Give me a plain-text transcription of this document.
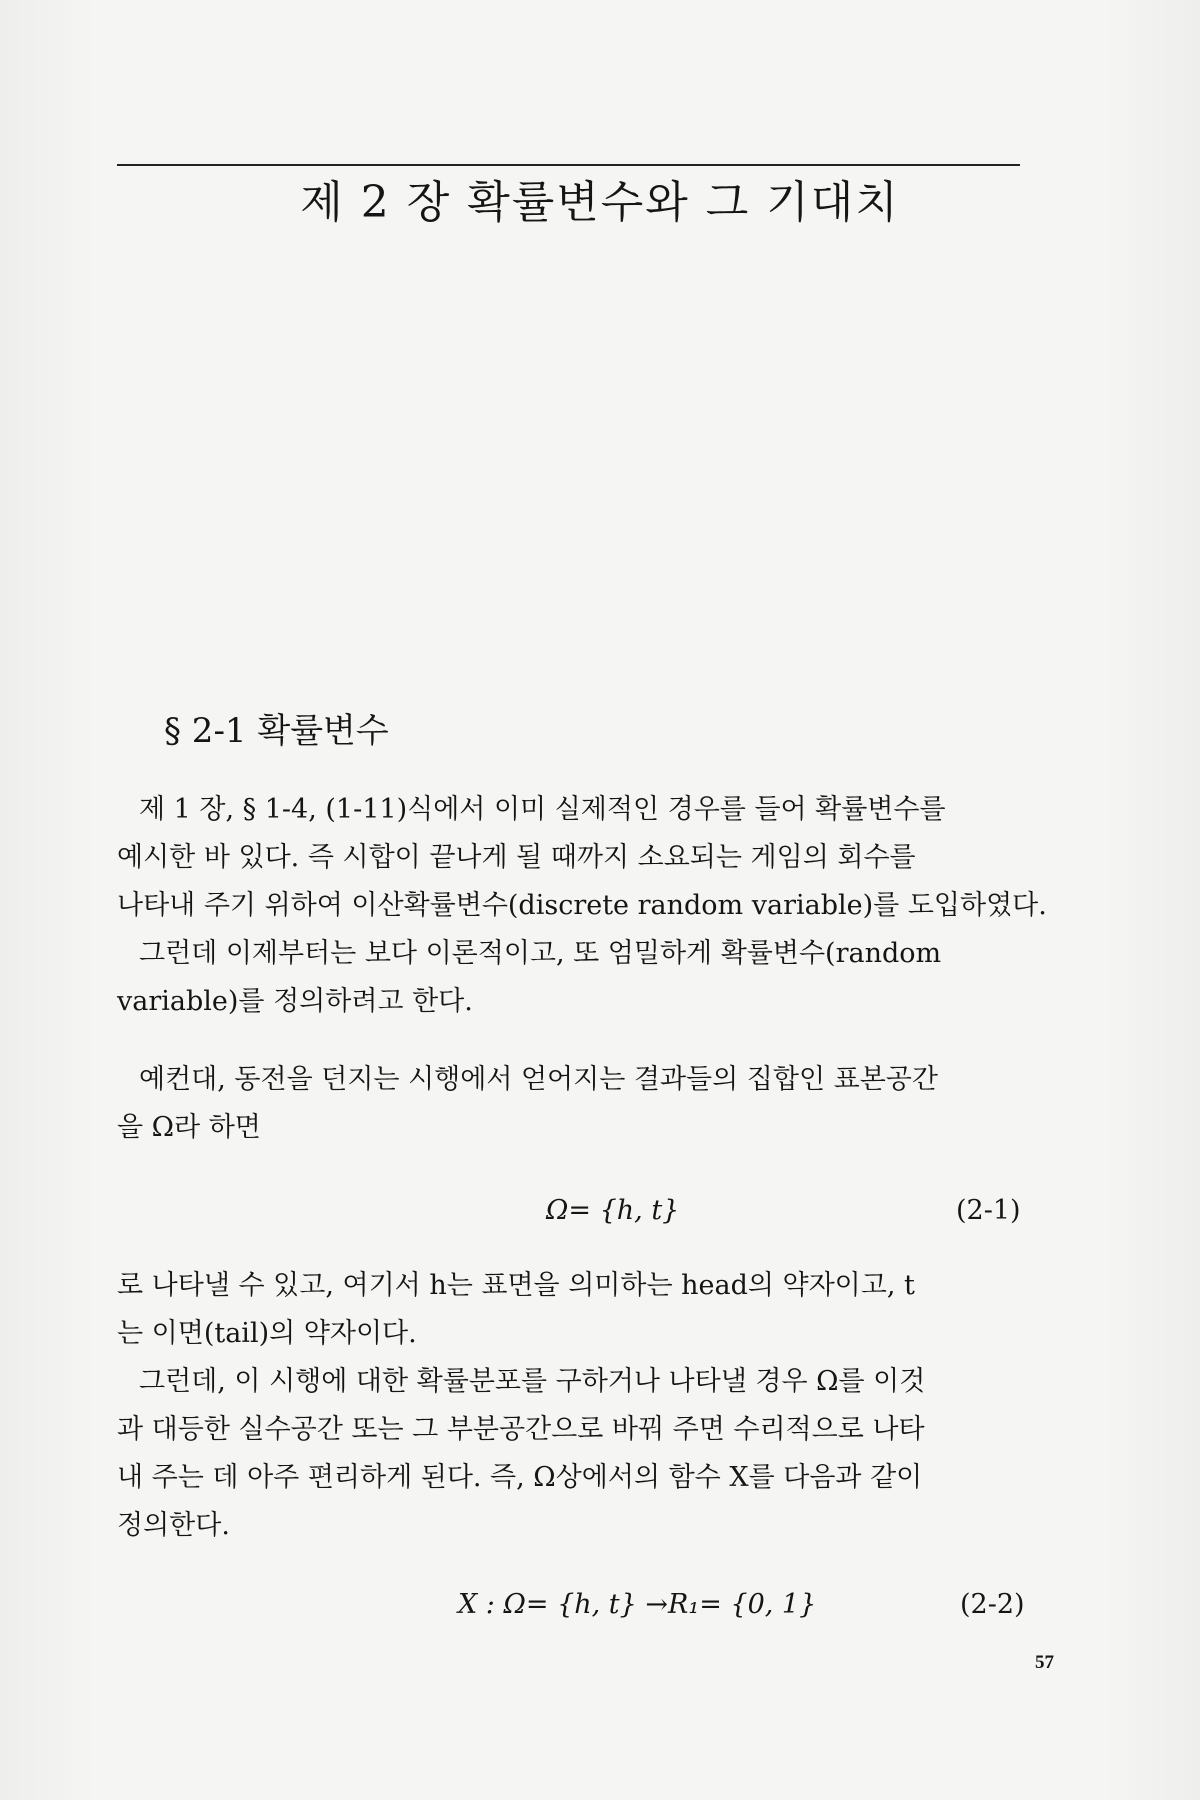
제 2 장 확률변수와 그 기대치
§ 2-1 확률변수
제 1 장, § 1-4, (1-11)식에서 이미 실제적인 경우를 들어 확률변수를
예시한 바 있다. 즉 시합이 끝나게 될 때까지 소요되는 게임의 회수를
나타내 주기 위하여 이산확률변수(discrete random variable)를 도입하였다.
그런데 이제부터는 보다 이론적이고, 또 엄밀하게 확률변수(random
variable)를 정의하려고 한다.
예컨대, 동전을 던지는 시행에서 얻어지는 결과들의 집합인 표본공간
을 Ω라 하면
Ω= {h, t}	(2-1)
로 나타낼 수 있고, 여기서 h는 표면을 의미하는 head의 약자이고, t
는 이면(tail)의 약자이다.
그런데, 이 시행에 대한 확률분포를 구하거나 나타낼 경우 Ω를 이것
과 대등한 실수공간 또는 그 부분공간으로 바꿔 주면 수리적으로 나타
내 주는 데 아주 편리하게 된다. 즉, Ω상에서의 함수 X를 다음과 같이
정의한다.
X : Ω= {h, t} →R₁= {0, 1}	(2-2)
57
